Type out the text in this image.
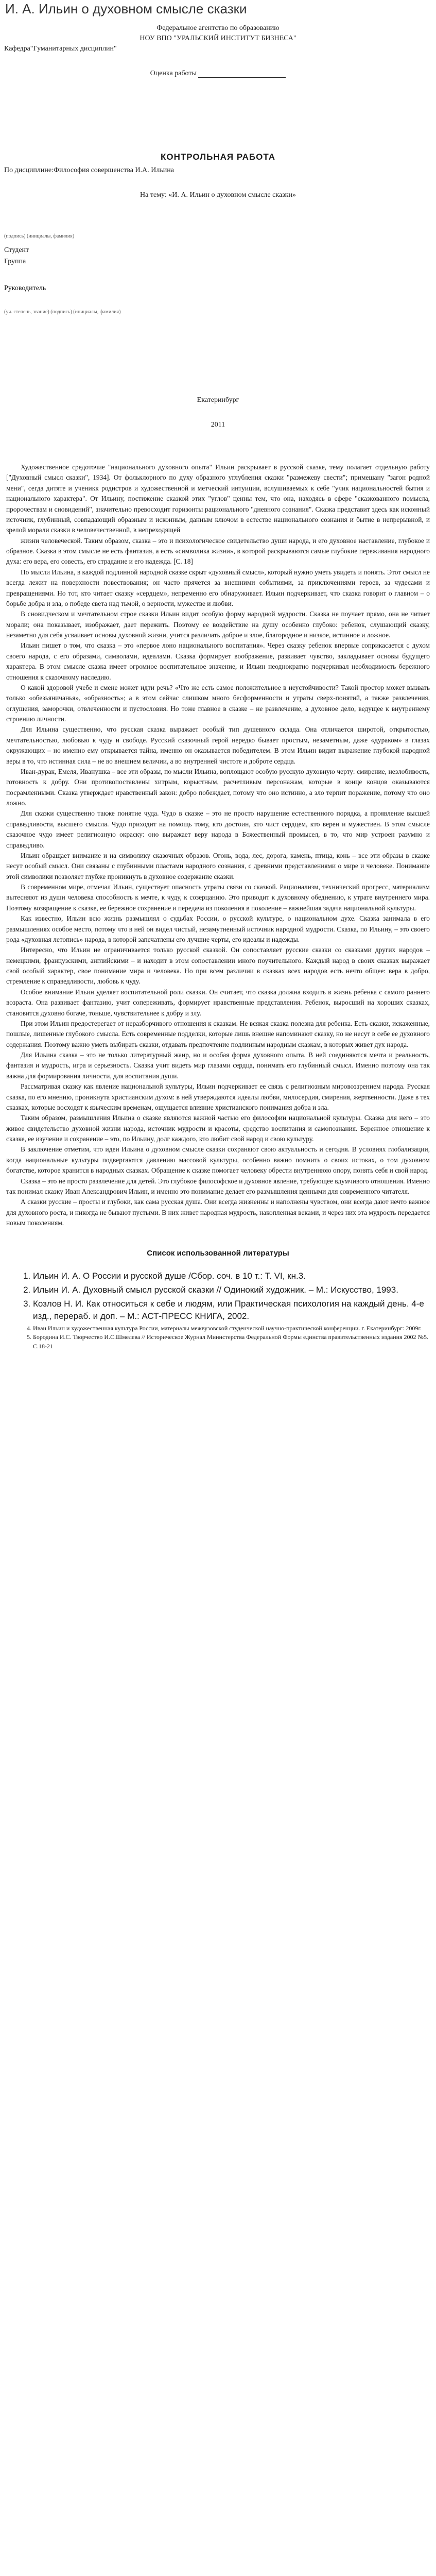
И. А. Ильин о духовном смысле сказки
Федеральное агентство по образованию
НОУ ВПО "УРАЛЬСКИЙ ИНСТИТУТ БИЗНЕСА"
Кафедра"Гуманитарных дисциплин"
Оценка работы
КОНТРОЛЬНАЯ РАБОТА
По дисциплине:Философия совершенства И.А. Ильина
На тему: «И. А. Ильин о духовном смысле сказки»
(подпись) (инициалы, фамилия)
Студент
Группа
Руководитель
(уч. степень, звание) (подпись) (инициалы, фамилия)
Екатеринбург
2011

Художественное средоточие "национального духовного опыта" Ильин раскрывает в русской сказке, тему полагает отдельную работу ["Духовный смысл сказки", 1934]. От фольклорного по духу образного углубления сказки "размежеву свести"; примешану "загон родной мени", сегда дитяте и ученикк родистров и художественной и метческий интуиции, вслушиваемых к себе "учик национальностей бытия и национального характера". От Ильину, постижение сказкой этих "углов" ценны тем, что она, находясь в сфере "сказкованного помысла, пророчествам и сновидений", значительно превосходит горизонты рационального "дневного сознания". Сказка представит здесь как исконный источник, глубинный, совпадающий образным и исконным, данным ключом в естестве национального сознания и бытие в непрерывной, и зрелой морали сказки в человечественной, в непреходящей

жизни человеческой. Таким образом, сказка – это и психологическое свидетельство души народа, и его духовное наставление, глубокое и образное. Сказка в этом смысле не есть фантазия, а есть «символика жизни», в которой раскрываются самые глубокие переживания народного духа: его вера, его совесть, его страдание и его надежда. [С. 18]

По мысли Ильина, в каждой подлинной народной сказке скрыт «духовный смысл», который нужно уметь увидеть и понять. Этот смысл не всегда лежит на поверхности повествования; он часто прячется за внешними событиями, за приключениями героев, за чудесами и превращениями. Но тот, кто читает сказку «сердцем», непременно его обнаруживает. Ильин подчеркивает, что сказка говорит о главном – о борьбе добра и зла, о победе света над тьмой, о верности, мужестве и любви.

В сновидческом и мечтательном строе сказки Ильин видит особую форму народной мудрости. Сказка не поучает прямо, она не читает морали; она показывает, изображает, дает пережить. Поэтому ее воздействие на душу особенно глубоко: ребенок, слушающий сказку, незаметно для себя усваивает основы духовной жизни, учится различать доброе и злое, благородное и низкое, истинное и ложное.

Ильин пишет о том, что сказка – это «первое лоно национального воспитания». Через сказку ребенок впервые соприкасается с духом своего народа, с его образами, символами, идеалами. Сказка формирует воображение, развивает чувство, закладывает основы будущего характера. В этом смысле сказка имеет огромное воспитательное значение, и Ильин неоднократно подчеркивал необходимость бережного отношения к сказочному наследию.

О какой здоровой учебе и смене может идти речь? «Что же есть самое положительное в неустойчивости? Такой простор может вызвать только «обезьяничанья», «образность»; а в этом сейчас слишком много бесформенности и утраты сверх-понятий, а также развлечения, оглушения, заморочки, отвлеченности и пустословия. Но тоже главное в сказке – не развлечение, а духовное дело, ведущее к внутреннему строению личности.

Для Ильина существенно, что русская сказка выражает особый тип душевного склада. Она отличается широтой, открытостью, мечтательностью, любовью к чуду и свободе. Русский сказочный герой нередко бывает простым, незаметным, даже «дураком» в глазах окружающих – но именно ему открывается тайна, именно он оказывается победителем. В этом Ильин видит выражение глубокой народной веры в то, что истинная сила – не во внешнем величии, а во внутренней чистоте и доброте сердца.

Иван-дурак, Емеля, Иванушка – все эти образы, по мысли Ильина, воплощают особую русскую духовную черту: смирение, незлобивость, готовность к добру. Они противопоставлены хитрым, корыстным, расчетливым персонажам, которые в конце концов оказываются посрамленными. Сказка утверждает нравственный закон: добро побеждает, потому что оно истинно, а зло терпит поражение, потому что оно ложно.

Для сказки существенно также понятие чуда. Чудо в сказке – это не просто нарушение естественного порядка, а проявление высшей справедливости, высшего смысла. Чудо приходит на помощь тому, кто достоин, кто чист сердцем, кто верен и мужествен. В этом смысле сказочное чудо имеет религиозную окраску: оно выражает веру народа в Божественный промысел, в то, что мир устроен разумно и справедливо.

Ильин обращает внимание и на символику сказочных образов. Огонь, вода, лес, дорога, камень, птица, конь – все эти образы в сказке несут особый смысл. Они связаны с глубинными пластами народного сознания, с древними представлениями о мире и человеке. Понимание этой символики позволяет глубже проникнуть в духовное содержание сказки.

В современном мире, отмечал Ильин, существует опасность утраты связи со сказкой. Рационализм, технический прогресс, материализм вытесняют из души человека способность к мечте, к чуду, к созерцанию. Это приводит к духовному обеднению, к утрате внутреннего мира. Поэтому возвращение к сказке, ее бережное сохранение и передача из поколения в поколение – важнейшая задача национальной культуры.

Как известно, Ильин всю жизнь размышлял о судьбах России, о русской культуре, о национальном духе. Сказка занимала в его размышлениях особое место, потому что в ней он видел чистый, незамутненный источник народной мудрости. Сказка, по Ильину, – это своего рода «духовная летопись» народа, в которой запечатлены его лучшие черты, его идеалы и надежды.

Интересно, что Ильин не ограничивается только русской сказкой. Он сопоставляет русские сказки со сказками других народов – немецкими, французскими, английскими – и находит в этом сопоставлении много поучительного. Каждый народ в своих сказках выражает свой особый характер, свое понимание мира и человека. Но при всем различии в сказках всех народов есть нечто общее: вера в добро, стремление к справедливости, любовь к чуду.

Особое внимание Ильин уделяет воспитательной роли сказки. Он считает, что сказка должна входить в жизнь ребенка с самого раннего возраста. Она развивает фантазию, учит сопереживать, формирует нравственные представления. Ребенок, выросший на хороших сказках, становится духовно богаче, тоньше, чувствительнее к добру и злу.

При этом Ильин предостерегает от неразборчивого отношения к сказкам. Не всякая сказка полезна для ребенка. Есть сказки, искаженные, пошлые, лишенные глубокого смысла. Есть современные подделки, которые лишь внешне напоминают сказку, но не несут в себе ее духовного содержания. Поэтому важно уметь выбирать сказки, отдавать предпочтение подлинным народным сказкам, в которых живет дух народа.

Для Ильина сказка – это не только литературный жанр, но и особая форма духовного опыта. В ней соединяются мечта и реальность, фантазия и мудрость, игра и серьезность. Сказка учит видеть мир глазами сердца, понимать его глубинный смысл. Именно поэтому она так важна для формирования личности, для воспитания души.

Рассматривая сказку как явление национальной культуры, Ильин подчеркивает ее связь с религиозным мировоззрением народа. Русская сказка, по его мнению, проникнута христианским духом: в ней утверждаются идеалы любви, милосердия, смирения, жертвенности. Даже в тех сказках, которые восходят к языческим временам, ощущается влияние христианского понимания добра и зла.

Таким образом, размышления Ильина о сказке являются важной частью его философии национальной культуры. Сказка для него – это живое свидетельство духовной жизни народа, источник мудрости и красоты, средство воспитания и самопознания. Бережное отношение к сказке, ее изучение и сохранение – это, по Ильину, долг каждого, кто любит свой народ и свою культуру.

В заключение отметим, что идеи Ильина о духовном смысле сказки сохраняют свою актуальность и сегодня. В условиях глобализации, когда национальные культуры подвергаются давлению массовой культуры, особенно важно помнить о своих истоках, о том духовном богатстве, которое хранится в народных сказках. Обращение к сказке помогает человеку обрести внутреннюю опору, понять себя и свой народ.

Сказка – это не просто развлечение для детей. Это глубокое философское и духовное явление, требующее вдумчивого отношения. Именно так понимал сказку Иван Александрович Ильин, и именно это понимание делает его размышления ценными для современного читателя.

А сказки русские – просты и глубоки, как сама русская душа. Они всегда жизненны и наполнены чувством, они всегда дают нечто важное для духовного роста, и никогда не бывают пустыми. В них живет народная мудрость, накопленная веками, и через них эта мудрость передается новым поколениям.

Список использованной литературы
1. Ильин И. А. О России и русской душе /Сбор. соч. в 10 т.: Т. VI, кн.3.
2. Ильин И. А. Духовный смысл русской сказки // Одинокий художник. – М.: Искусство, 1993.
3. Козлов Н. И. Как относиться к себе и людям, или Практическая психология на каждый день. 4-е изд., перераб. и доп. – М.: АСТ-ПРЕСС КНИГА, 2002.
4. Иван Ильин и художественная культура России, материалы межвузовской студенческой научно-практической конференции. г. Екатеринбург: 2009г.
5. Бородина И.С. Творчество И.С.Шмелева // Историческое Журнал Министерства Федеральной Формы единства правительственных издания 2002 №5. С.18-21
